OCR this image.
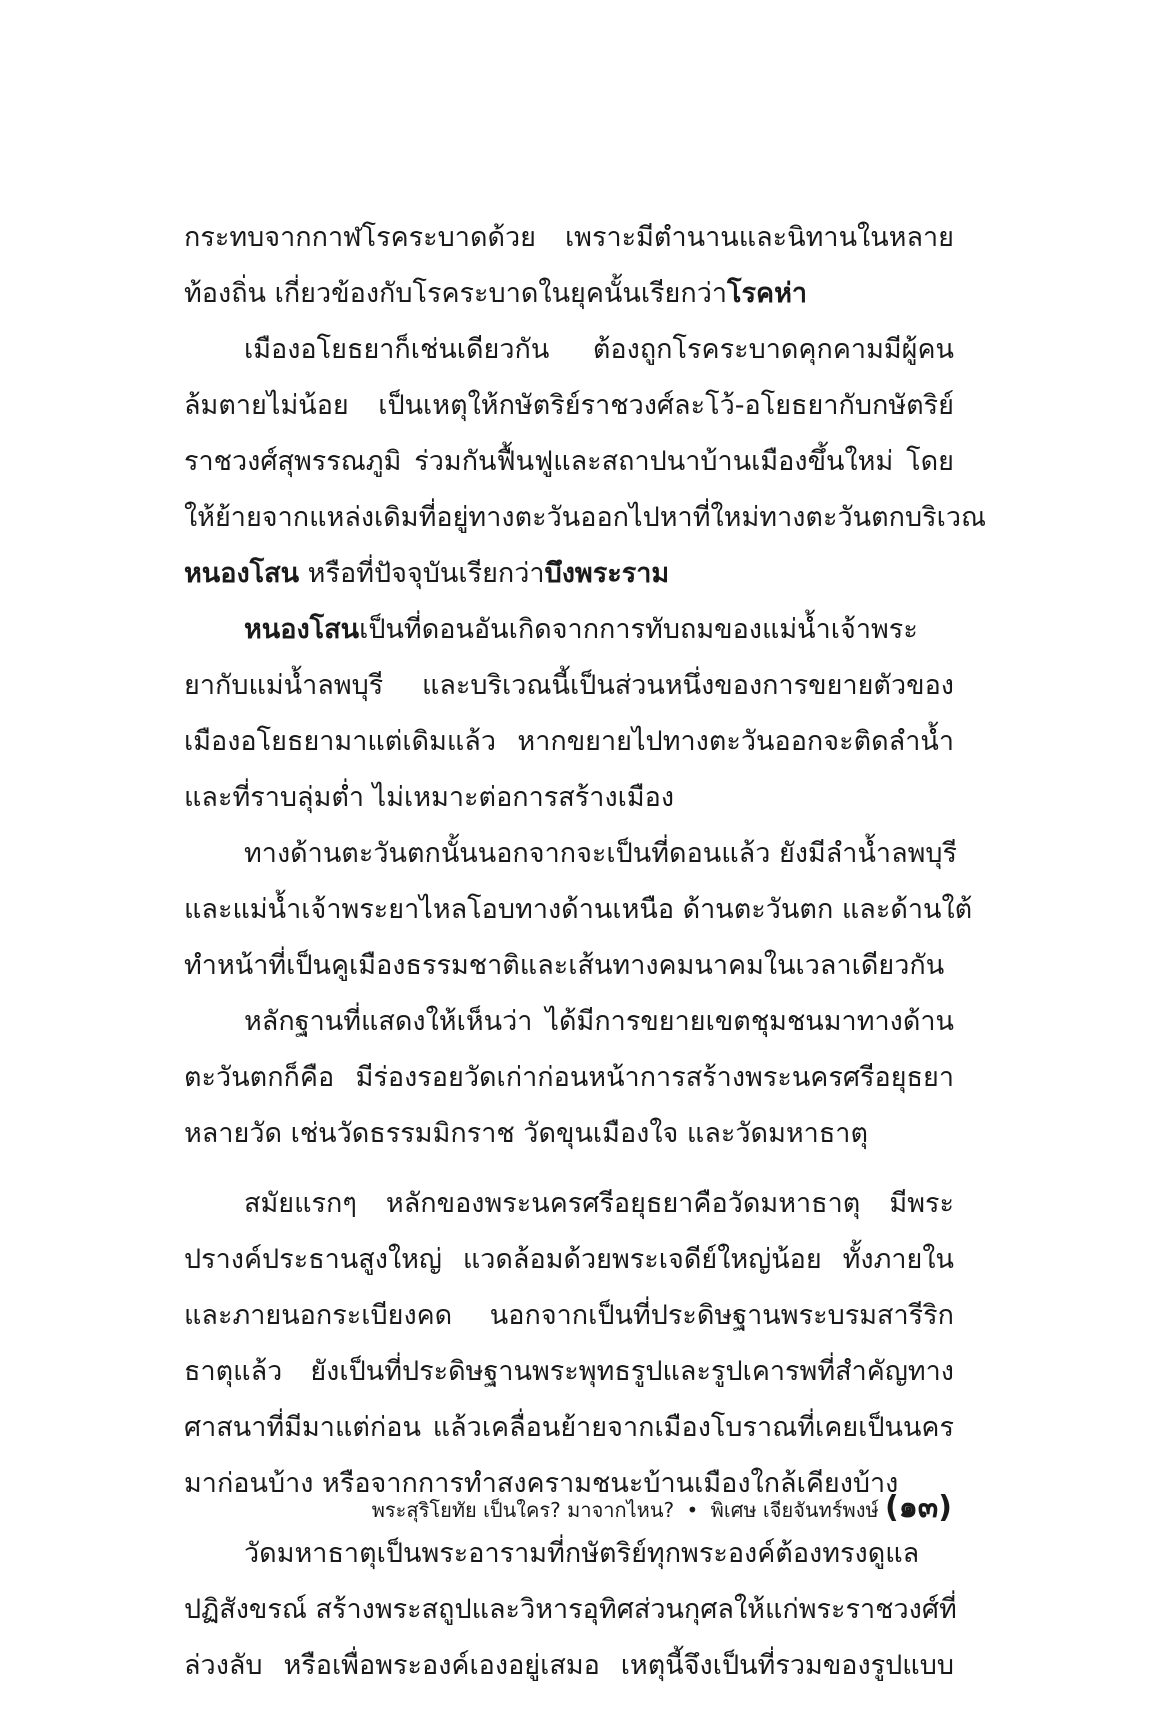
กระทบจากกาฬโรคระบาดด้วย เพราะมีตำนานและนิทานในหลาย
ท้องถิ่น เกี่ยวข้องกับโรคระบาดในยุคนั้นเรียกว่าโรคห่า
เมืองอโยธยาก็เช่นเดียวกัน ต้องถูกโรคระบาดคุกคามมีผู้คน
ล้มตายไม่น้อย เป็นเหตุให้กษัตริย์ราชวงศ์ละโว้-อโยธยากับกษัตริย์
ราชวงศ์สุพรรณภูมิ ร่วมกันฟื้นฟูและสถาปนาบ้านเมืองขึ้นใหม่ โดย
ให้ย้ายจากแหล่งเดิมที่อยู่ทางตะวันออกไปหาที่ใหม่ทางตะวันตกบริเวณ
หนองโสน หรือที่ปัจจุบันเรียกว่าบึงพระราม
หนองโสนเป็นที่ดอนอันเกิดจากการทับถมของแม่น้ำเจ้าพระ
ยากับแม่น้ำลพบุรี และบริเวณนี้เป็นส่วนหนึ่งของการขยายตัวของ
เมืองอโยธยามาแต่เดิมแล้ว หากขยายไปทางตะวันออกจะติดลำน้ำ
และที่ราบลุ่มต่ำ ไม่เหมาะต่อการสร้างเมือง
ทางด้านตะวันตกนั้นนอกจากจะเป็นที่ดอนแล้ว ยังมีลำน้ำลพบุรี
และแม่น้ำเจ้าพระยาไหลโอบทางด้านเหนือ ด้านตะวันตก และด้านใต้
ทำหน้าที่เป็นคูเมืองธรรมชาติและเส้นทางคมนาคมในเวลาเดียวกัน
หลักฐานที่แสดงให้เห็นว่า ได้มีการขยายเขตชุมชนมาทางด้าน
ตะวันตกก็คือ มีร่องรอยวัดเก่าก่อนหน้าการสร้างพระนครศรีอยุธยา
หลายวัด เช่นวัดธรรมมิกราช วัดขุนเมืองใจ และวัดมหาธาตุ
สมัยแรกๆ หลักของพระนครศรีอยุธยาคือวัดมหาธาตุ มีพระ
ปรางค์ประธานสูงใหญ่ แวดล้อมด้วยพระเจดีย์ใหญ่น้อย ทั้งภายใน
และภายนอกระเบียงคด นอกจากเป็นที่ประดิษฐานพระบรมสารีริก
ธาตุแล้ว ยังเป็นที่ประดิษฐานพระพุทธรูปและรูปเคารพที่สำคัญทาง
ศาสนาที่มีมาแต่ก่อน แล้วเคลื่อนย้ายจากเมืองโบราณที่เคยเป็นนคร
มาก่อนบ้าง หรือจากการทำสงครามชนะบ้านเมืองใกล้เคียงบ้าง
วัดมหาธาตุเป็นพระอารามที่กษัตริย์ทุกพระองค์ต้องทรงดูแล
ปฏิสังขรณ์ สร้างพระสถูปและวิหารอุทิศส่วนกุศลให้แก่พระราชวงศ์ที่
ล่วงลับ หรือเพื่อพระองค์เองอยู่เสมอ เหตุนี้จึงเป็นที่รวมของรูปแบบ
พระสุริโยทัย เป็นใคร? มาจากไหน? • พิเศษ เจียจันทร์พงษ์ (๑๓)
